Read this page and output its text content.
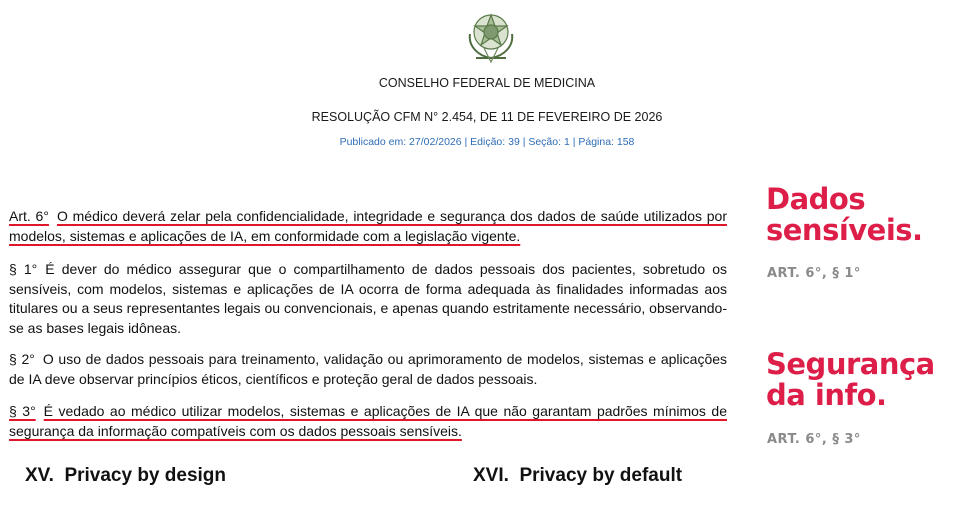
CONSELHO FEDERAL DE MEDICINA
RESOLUÇÃO CFM N° 2.454, DE 11 DE FEVEREIRO DE 2026
Publicado em: 27/02/2026 | Edição: 39 | Seção: 1 | Página: 158
Art. 6° O médico deverá zelar pela confidencialidade, integridade e segurança dos dados de saúde utilizados por modelos, sistemas e aplicações de IA, em conformidade com a legislação vigente.
§ 1° É dever do médico assegurar que o compartilhamento de dados pessoais dos pacientes, sobretudo os sensíveis, com modelos, sistemas e aplicações de IA ocorra de forma adequada às finalidades informadas aos titulares ou a seus representantes legais ou convencionais, e apenas quando estritamente necessário, observando-se as bases legais idôneas.
§ 2° O uso de dados pessoais para treinamento, validação ou aprimoramento de modelos, sistemas e aplicações de IA deve observar princípios éticos, científicos e proteção geral de dados pessoais.
§ 3° É vedado ao médico utilizar modelos, sistemas e aplicações de IA que não garantam padrões mínimos de segurança da informação compatíveis com os dados pessoais sensíveis.
Dados
sensíveis.
ART. 6°, § 1°
Segurança
da info.
ART. 6°, § 3°
XV.  Privacy by design	XVI.  Privacy by default
